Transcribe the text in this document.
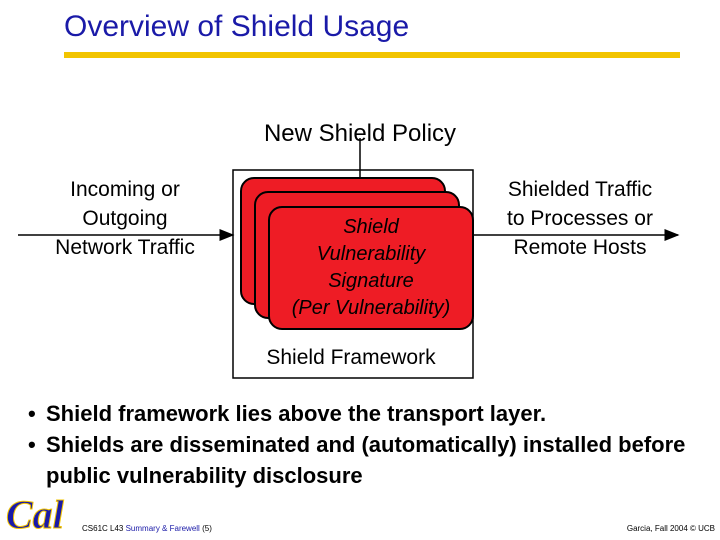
Overview of Shield Usage
New Shield Policy
Incoming or
Outgoing
Network Traffic
Shielded Traffic
to Processes or
Remote Hosts
Shield
Vulnerability
Signature
(Per Vulnerability)
Shield Framework
• Shield framework lies above the transport layer.
• Shields are disseminated and (automatically) installed before public vulnerability disclosure
Cal CS61C L43 Summary & Farewell (5)	Garcia, Fall 2004 © UCB
